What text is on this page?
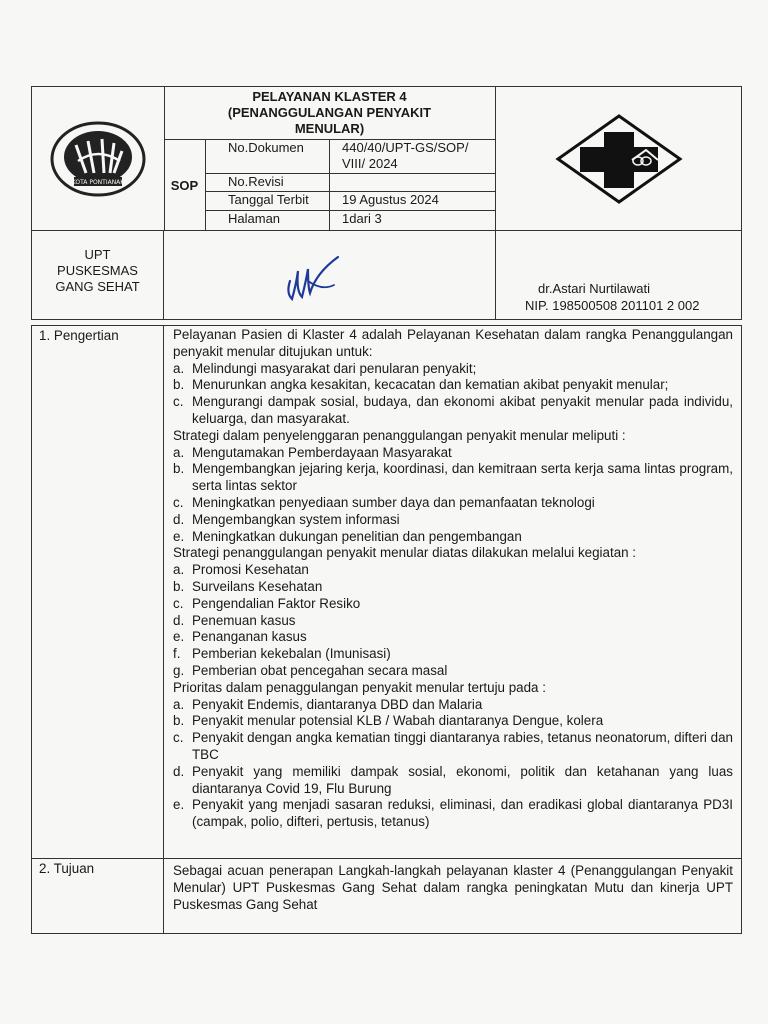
KOTA PONTIANAK
PELAYANAN KLASTER 4
(PENANGGULANGAN PENYAKIT
MENULAR)
SOP
No.Dokumen	440/40/UPT-GS/SOP/ VIII/ 2024
No.Revisi
Tanggal Terbit	19 Agustus 2024
Halaman	1dari 3
UPT
PUSKESMAS
GANG SEHAT	dr.Astari Nurtilawati
NIP. 198500508 201101 2 002
1. Pengertian	Pelayanan Pasien di Klaster 4 adalah Pelayanan Kesehatan dalam rangka Penanggulangan penyakit menular ditujukan untuk:
a. Melindungi masyarakat dari penularan penyakit;
b. Menurunkan angka kesakitan, kecacatan dan kematian akibat penyakit menular;
c. Mengurangi dampak sosial, budaya, dan ekonomi akibat penyakit menular pada individu, keluarga, dan masyarakat.
Strategi dalam penyelenggaran penanggulangan penyakit menular meliputi :
a. Mengutamakan Pemberdayaan Masyarakat
b. Mengembangkan jejaring kerja, koordinasi, dan kemitraan serta kerja sama lintas program, serta lintas sektor
c. Meningkatkan penyediaan sumber daya dan pemanfaatan teknologi
d. Mengembangkan system informasi
e. Meningkatkan dukungan penelitian dan pengembangan
Strategi penanggulangan penyakit menular diatas dilakukan melalui kegiatan :
a. Promosi Kesehatan
b. Surveilans Kesehatan
c. Pengendalian Faktor Resiko
d. Penemuan kasus
e. Penanganan kasus
f. Pemberian kekebalan (Imunisasi)
g. Pemberian obat pencegahan secara masal
Prioritas dalam penaggulangan penyakit menular tertuju pada :
a. Penyakit Endemis, diantaranya DBD dan Malaria
b. Penyakit menular potensial KLB / Wabah diantaranya Dengue, kolera
c. Penyakit dengan angka kematian tinggi diantaranya rabies, tetanus neonatorum, difteri dan TBC
d. Penyakit yang memiliki dampak sosial, ekonomi, politik dan ketahanan yang luas diantaranya Covid 19, Flu Burung
e. Penyakit yang menjadi sasaran reduksi, eliminasi, dan eradikasi global diantaranya PD3I (campak, polio, difteri, pertusis, tetanus)
2. Tujuan	Sebagai acuan penerapan Langkah-langkah pelayanan klaster 4 (Penanggulangan Penyakit Menular) UPT Puskesmas Gang Sehat dalam rangka peningkatan Mutu dan kinerja UPT Puskesmas Gang Sehat
